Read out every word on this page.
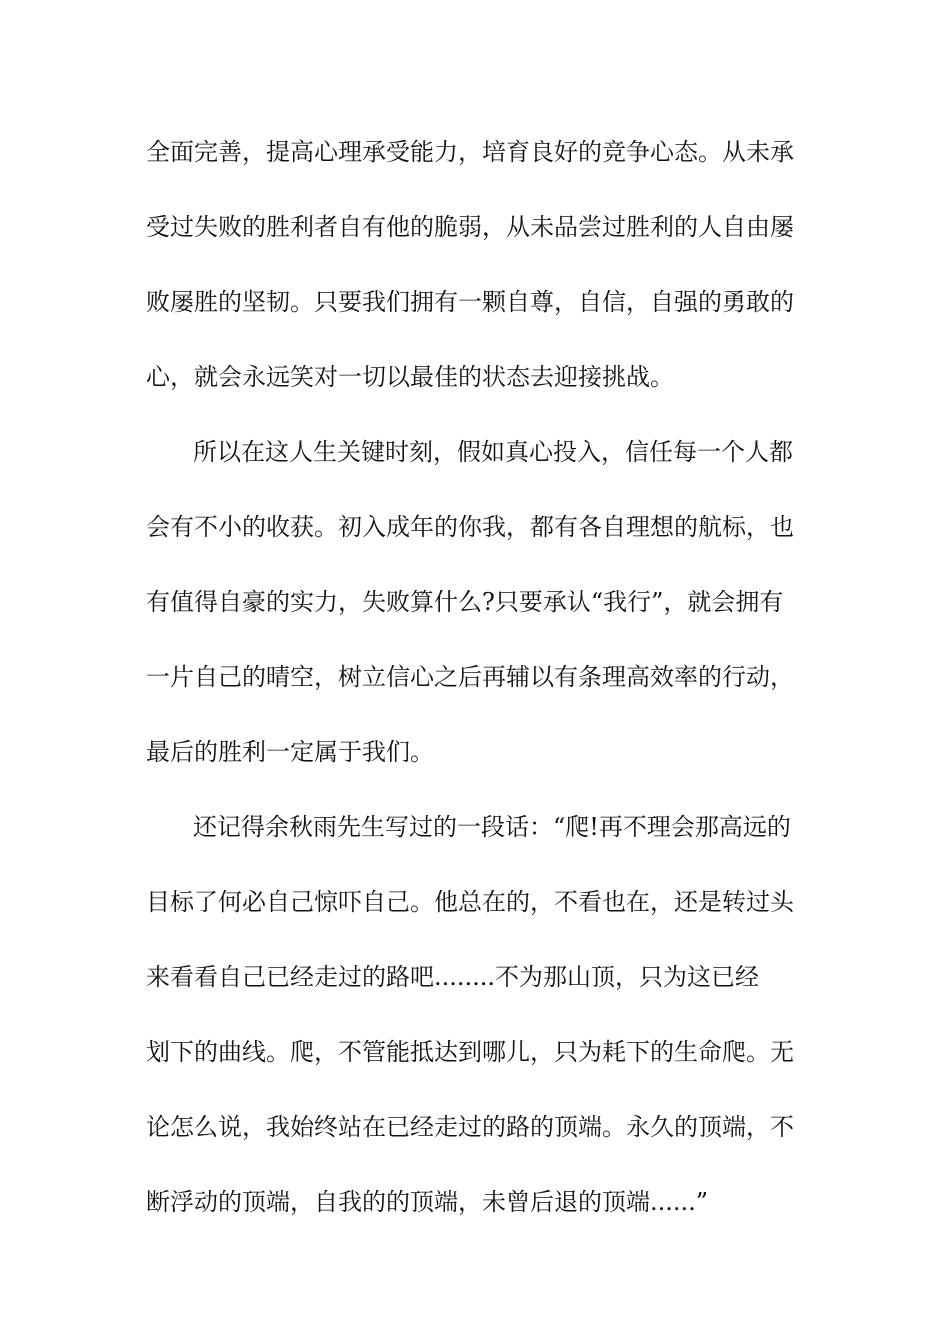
全面完善，提高心理承受能力，培育良好的竞争心态。从未承
受过失败的胜利者自有他的脆弱，从未品尝过胜利的人自由屡
败屡胜的坚韧。只要我们拥有一颗自尊，自信，自强的勇敢的
心，就会永远笑对一切以最佳的状态去迎接挑战。
所以在这人生关键时刻，假如真心投入，信任每一个人都
会有不小的收获。初入成年的你我，都有各自理想的航标，也
有值得自豪的实力，失败算什么?只要承认“我行”，就会拥有
一片自己的晴空，树立信心之后再辅以有条理高效率的行动，
最后的胜利一定属于我们。
还记得余秋雨先生写过的一段话：“爬!再不理会那高远的
目标了何必自己惊吓自己。他总在的，不看也在，还是转过头
来看看自己已经走过的路吧........不为那山顶，只为这已经
划下的曲线。爬，不管能抵达到哪儿，只为耗下的生命爬。无
论怎么说，我始终站在已经走过的路的顶端。永久的顶端，不
断浮动的顶端，自我的的顶端，未曾后退的顶端......”
